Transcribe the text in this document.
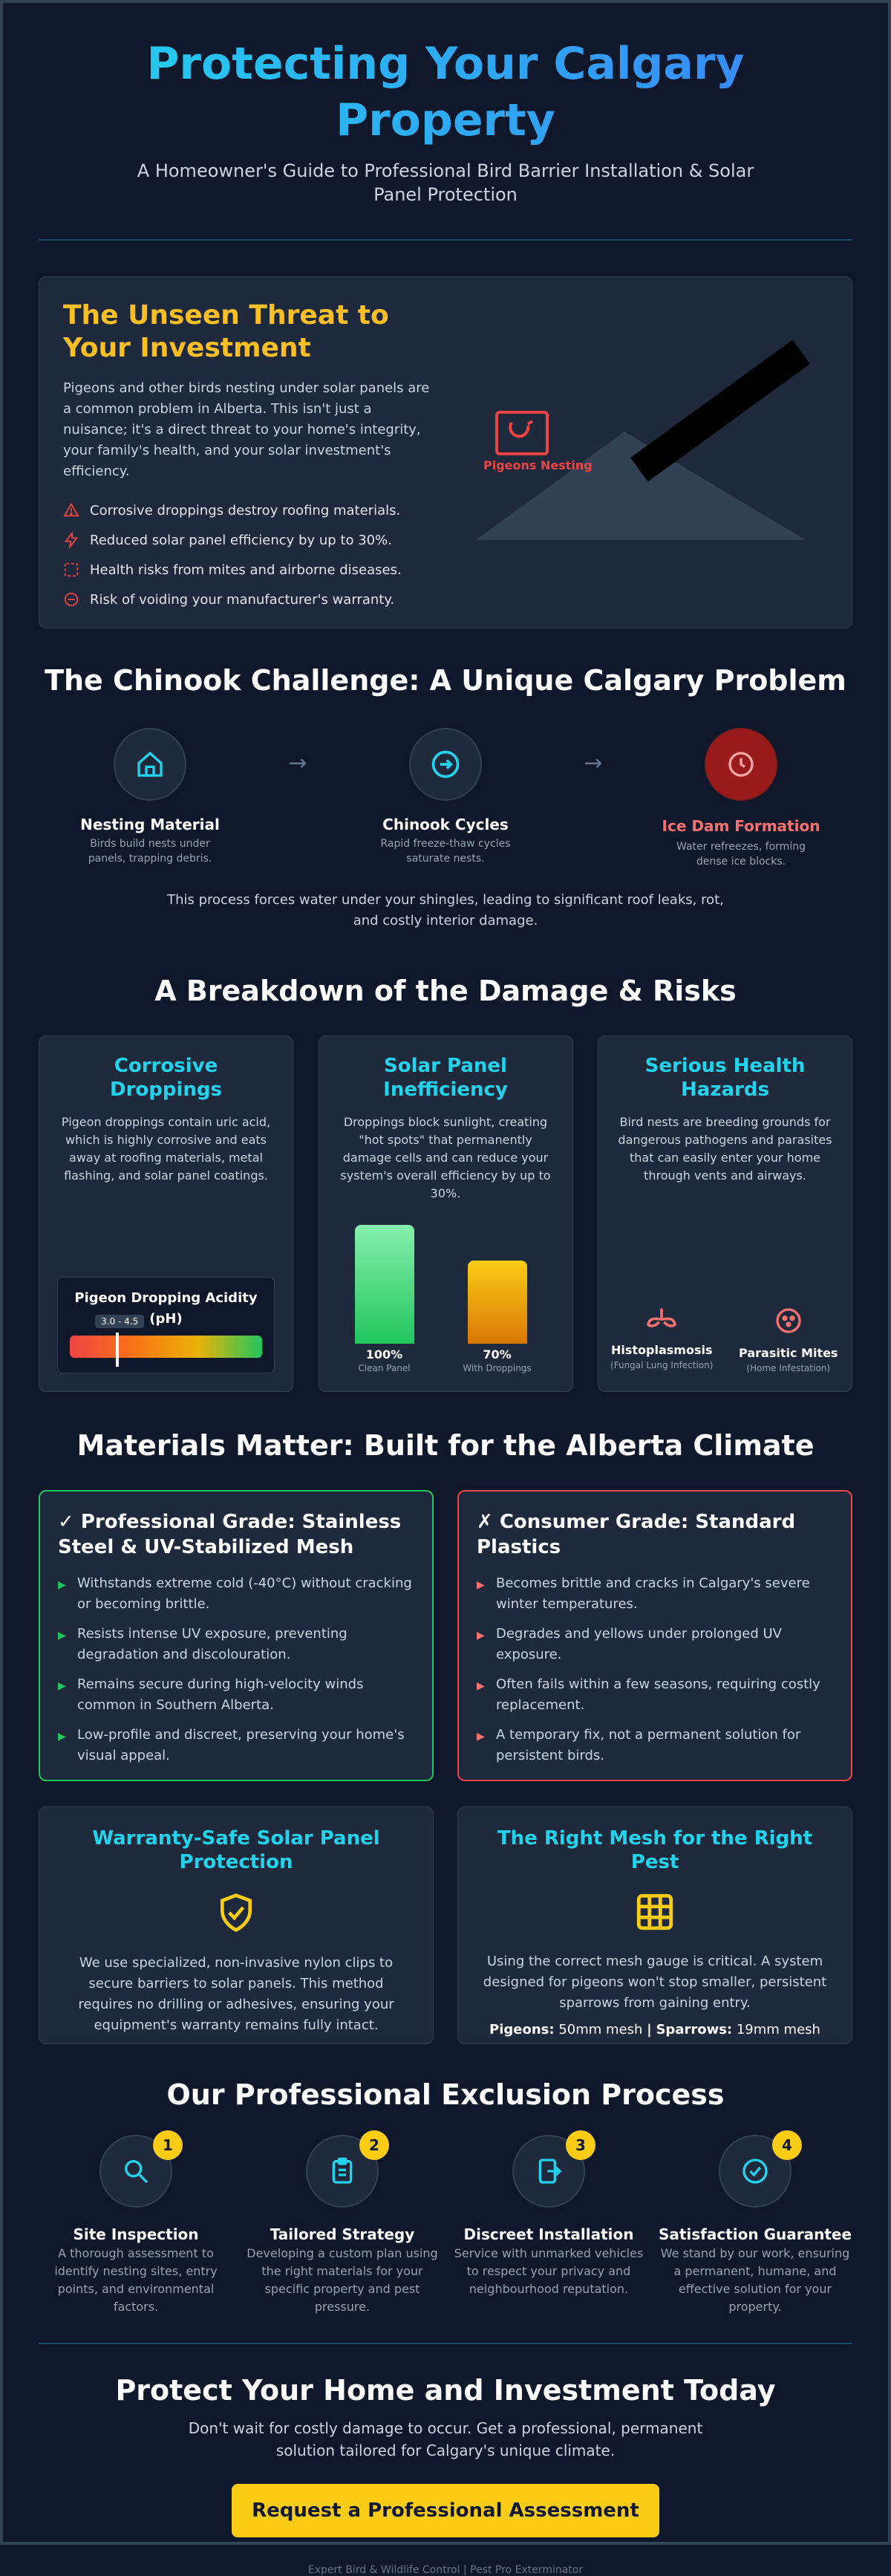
Protecting Your Calgary Property

A Homeowner's Guide to Professional Bird Barrier Installation & Solar Panel Protection

The Unseen Threat to Your Investment

Pigeons and other birds nesting under solar panels are a common problem in Alberta. This isn't just a nuisance; it's a direct threat to your home's integrity, your family's health, and your solar investment's efficiency.

Corrosive droppings destroy roofing materials.
Reduced solar panel efficiency by up to 30%.
Health risks from mites and airborne diseases.
Risk of voiding your manufacturer's warranty.
Pigeons Nesting
The Chinook Challenge: A Unique Calgary Problem
Nesting Material

Birds build nests under panels, trapping debris.

→
Chinook Cycles

Rapid freeze-thaw cycles saturate nests.

→
Ice Dam Formation

Water refreezes, forming dense ice blocks.

This process forces water under your shingles, leading to significant roof leaks, rot, and costly interior damage.

A Breakdown of the Damage & Risks
Corrosive Droppings

Pigeon droppings contain uric acid, which is highly corrosive and eats away at roofing materials, metal flashing, and solar panel coatings.

Pigeon Dropping Acidity (pH)
3.0 - 4.5
Solar Panel Inefficiency

Droppings block sunlight, creating "hot spots" that permanently damage cells and can reduce your system's overall efficiency by up to 30%.

100%
Clean Panel
70%
With Droppings
Serious Health Hazards

Bird nests are breeding grounds for dangerous pathogens and parasites that can easily enter your home through vents and airways.

Histoplasmosis
(Fungal Lung Infection)
Parasitic Mites
(Home Infestation)
Materials Matter: Built for the Alberta Climate
✓ Professional Grade: Stainless Steel & UV-Stabilized Mesh
▶ Withstands extreme cold (-40°C) without cracking or becoming brittle.
▶ Resists intense UV exposure, preventing degradation and discolouration.
▶ Remains secure during high-velocity winds common in Southern Alberta.
▶ Low-profile and discreet, preserving your home's visual appeal.
✗ Consumer Grade: Standard Plastics
▶ Becomes brittle and cracks in Calgary's severe winter temperatures.
▶ Degrades and yellows under prolonged UV exposure.
▶ Often fails within a few seasons, requiring costly replacement.
▶ A temporary fix, not a permanent solution for persistent birds.
Warranty-Safe Solar Panel Protection

We use specialized, non-invasive nylon clips to secure barriers to solar panels. This method requires no drilling or adhesives, ensuring your equipment's warranty remains fully intact.

The Right Mesh for the Right Pest

Using the correct mesh gauge is critical. A system designed for pigeons won't stop smaller, persistent sparrows from gaining entry.

Pigeons: 50mm mesh | Sparrows: 19mm mesh

Our Professional Exclusion Process
1
Site Inspection

A thorough assessment to identify nesting sites, entry points, and environmental factors.

2
Tailored Strategy

Developing a custom plan using the right materials for your specific property and pest pressure.

3
Discreet Installation

Service with unmarked vehicles to respect your privacy and neighbourhood reputation.

4
Satisfaction Guarantee

We stand by our work, ensuring a permanent, humane, and effective solution for your property.

Protect Your Home and Investment Today

Don't wait for costly damage to occur. Get a professional, permanent solution tailored for Calgary's unique climate.

Request a Professional Assessment
Expert Bird & Wildlife Control | Pest Pro Exterminator
